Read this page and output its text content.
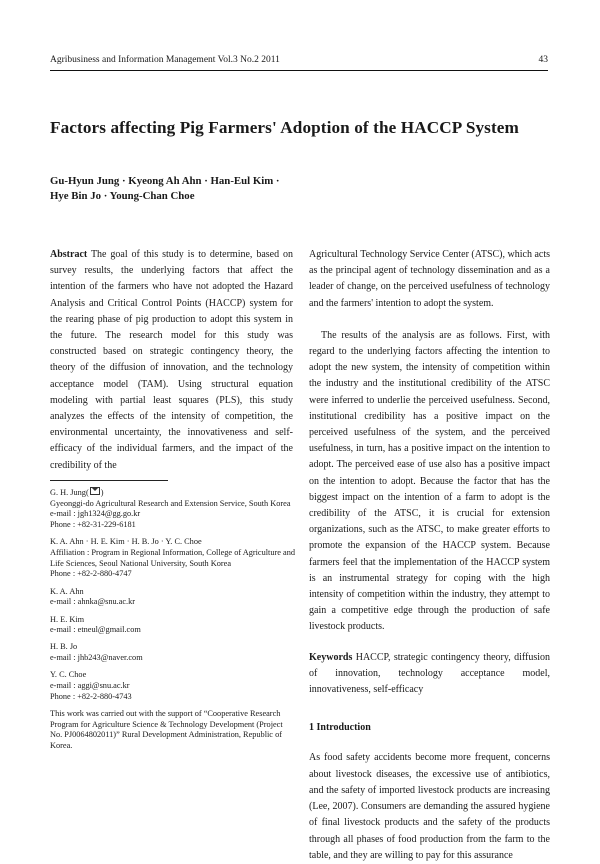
Agribusiness and Information Management Vol.3 No.2 2011	43
Factors affecting Pig Farmers' Adoption of the HACCP System
Gu-Hyun Jung · Kyeong Ah Ahn · Han-Eul Kim ·
Hye Bin Jo · Young-Chan Choe

Abstract The goal of this study is to determine, based on survey results, the underlying factors that affect the intention of the farmers who have not adopted the Hazard Analysis and Critical Control Points (HACCP) system for the rearing phase of pig production to adopt this system in the future. The research model for this study was constructed based on strategic contingency theory, the theory of the diffusion of innovation, and the technology acceptance model (TAM). Using structural equation modeling with partial least squares (PLS), this study analyzes the effects of the intensity of competition, the environmental uncertainty, the innovativeness and self-efficacy of the individual farmers, and the impact of the credibility of the

G. H. Jung( )
Gyeonggi-do Agricultural Research and Extension Service, South Korea
e-mail : jgh1324@gg.go.kr
Phone : +82-31-229-6181
K. A. Ahn · H. E. Kim · H. B. Jo · Y. C. Choe
Affiliation : Program in Regional Information, College of Agriculture and Life Sciences, Seoul National University, South Korea
Phone : +82-2-880-4747
K. A. Ahn
e-mail : ahnka@snu.ac.kr
H. E. Kim
e-mail : etneul@gmail.com
H. B. Jo
e-mail : jhb243@naver.com
Y. C. Choe
e-mail : aggi@snu.ac.kr
Phone : +82-2-880-4743
This work was carried out with the support of “Cooperative Research Program for Agriculture Science & Technology Development (Project No. PJ0064802011)” Rural Development Administration, Republic of Korea.

Agricultural Technology Service Center (ATSC), which acts as the principal agent of technology dissemination and as a leader of change, on the perceived usefulness of technology and the farmers' intention to adopt the system.

The results of the analysis are as follows. First, with regard to the underlying factors affecting the intention to adopt the new system, the intensity of competition within the industry and the institutional credibility of the ATSC were inferred to underlie the perceived usefulness. Second, institutional credibility has a positive impact on the perceived usefulness of the system, and the perceived usefulness, in turn, has a positive impact on the intention to adopt. The perceived ease of use also has a positive impact on the intention to adopt. Because the factor that has the biggest impact on the intention of a farm to adopt is the credibility of the ATSC, it is crucial for extension organizations, such as the ATSC, to make greater efforts to promote the expansion of the HACCP system. Because farmers feel that the implementation of the HACCP system is an instrumental strategy for coping with the high intensity of competition within the industry, they attempt to gain a competitive edge through the production of safe livestock products.

Keywords HACCP, strategic contingency theory, diffusion of innovation, technology acceptance model, innovativeness, self-efficacy

1 Introduction

As food safety accidents become more frequent, concerns about livestock diseases, the excessive use of antibiotics, and the safety of imported livestock products are increasing (Lee, 2007). Consumers are demanding the assured hygiene of final livestock products and the safety of the products through all phases of food production from the farm to the table, and they are willing to pay for this assurance
